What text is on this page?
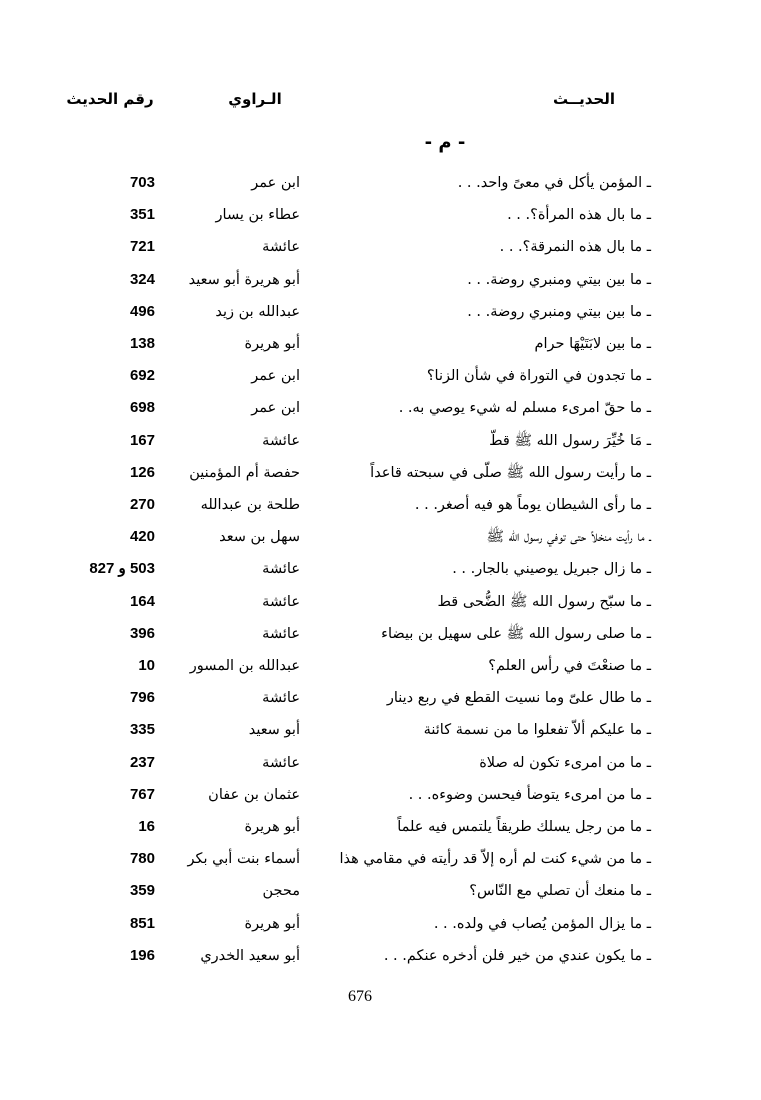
الحديــث
الـراوي
رقم الحديث
- م -
ـ المؤمن يأكل في معىً واحد. . .
ابن عمر
703
ـ ما بال هذه المرأة؟. . .
عطاء بن يسار
351
ـ ما بال هذه النمرقة؟. . .
عائشة
721
ـ ما بين بيتي ومنبري روضة. . .
أبو هريرة أبو سعيد
324
ـ ما بين بيتي ومنبري روضة. . .
عبدالله بن زيد
496
ـ ما بين لابَتَيْهَا حرام
أبو هريرة
138
ـ ما تجدون في التوراة في شأن الزنا؟
ابن عمر
692
ـ ما حقّ امرىء مسلم له شيء يوصي به. .
ابن عمر
698
ـ مَا خُيِّرَ رسول الله ﷺ قطّ
عائشة
167
ـ ما رأيت رسول الله ﷺ صلّى في سبحته قاعداً
حفصة أم المؤمنين
126
ـ ما رأى الشيطان يوماً هو فيه أصغر. . .
طلحة بن عبدالله
270
ـ ما رأيت منخلاً حتى توفي رسول الله ﷺ
سهل بن سعد
420
ـ ما زال جبريل يوصيني بالجار. . .
عائشة
503 و 827
ـ ما سبّح رسول الله ﷺ الضُّحى قط
عائشة
164
ـ ما صلى رسول الله ﷺ على سهيل بن بيضاء
عائشة
396
ـ ما صنعْتَ في رأس العلم؟
عبدالله بن المسور
10
ـ ما طال علىّ وما نسيت القطع في ربع دينار
عائشة
796
ـ ما عليكم ألاّ تفعلوا ما من نسمة كائنة
أبو سعيد
335
ـ ما من امرىء تكون له صلاة
عائشة
237
ـ ما من امرىء يتوضأ فيحسن وضوءه. . .
عثمان بن عفان
767
ـ ما من رجل يسلك طريقاً يلتمس فيه علماً
أبو هريرة
16
ـ ما من شيء كنت لم أره إلاّ قد رأيته في مقامي هذا
أسماء بنت أبي بكر
780
ـ ما منعك أن تصلي مع النّاس؟
محجن
359
ـ ما يزال المؤمن يُصاب في ولده. . .
أبو هريرة
851
ـ ما يكون عندي من خير فلن أدخره عنكم. . .
أبو سعيد الخدري
196
676
